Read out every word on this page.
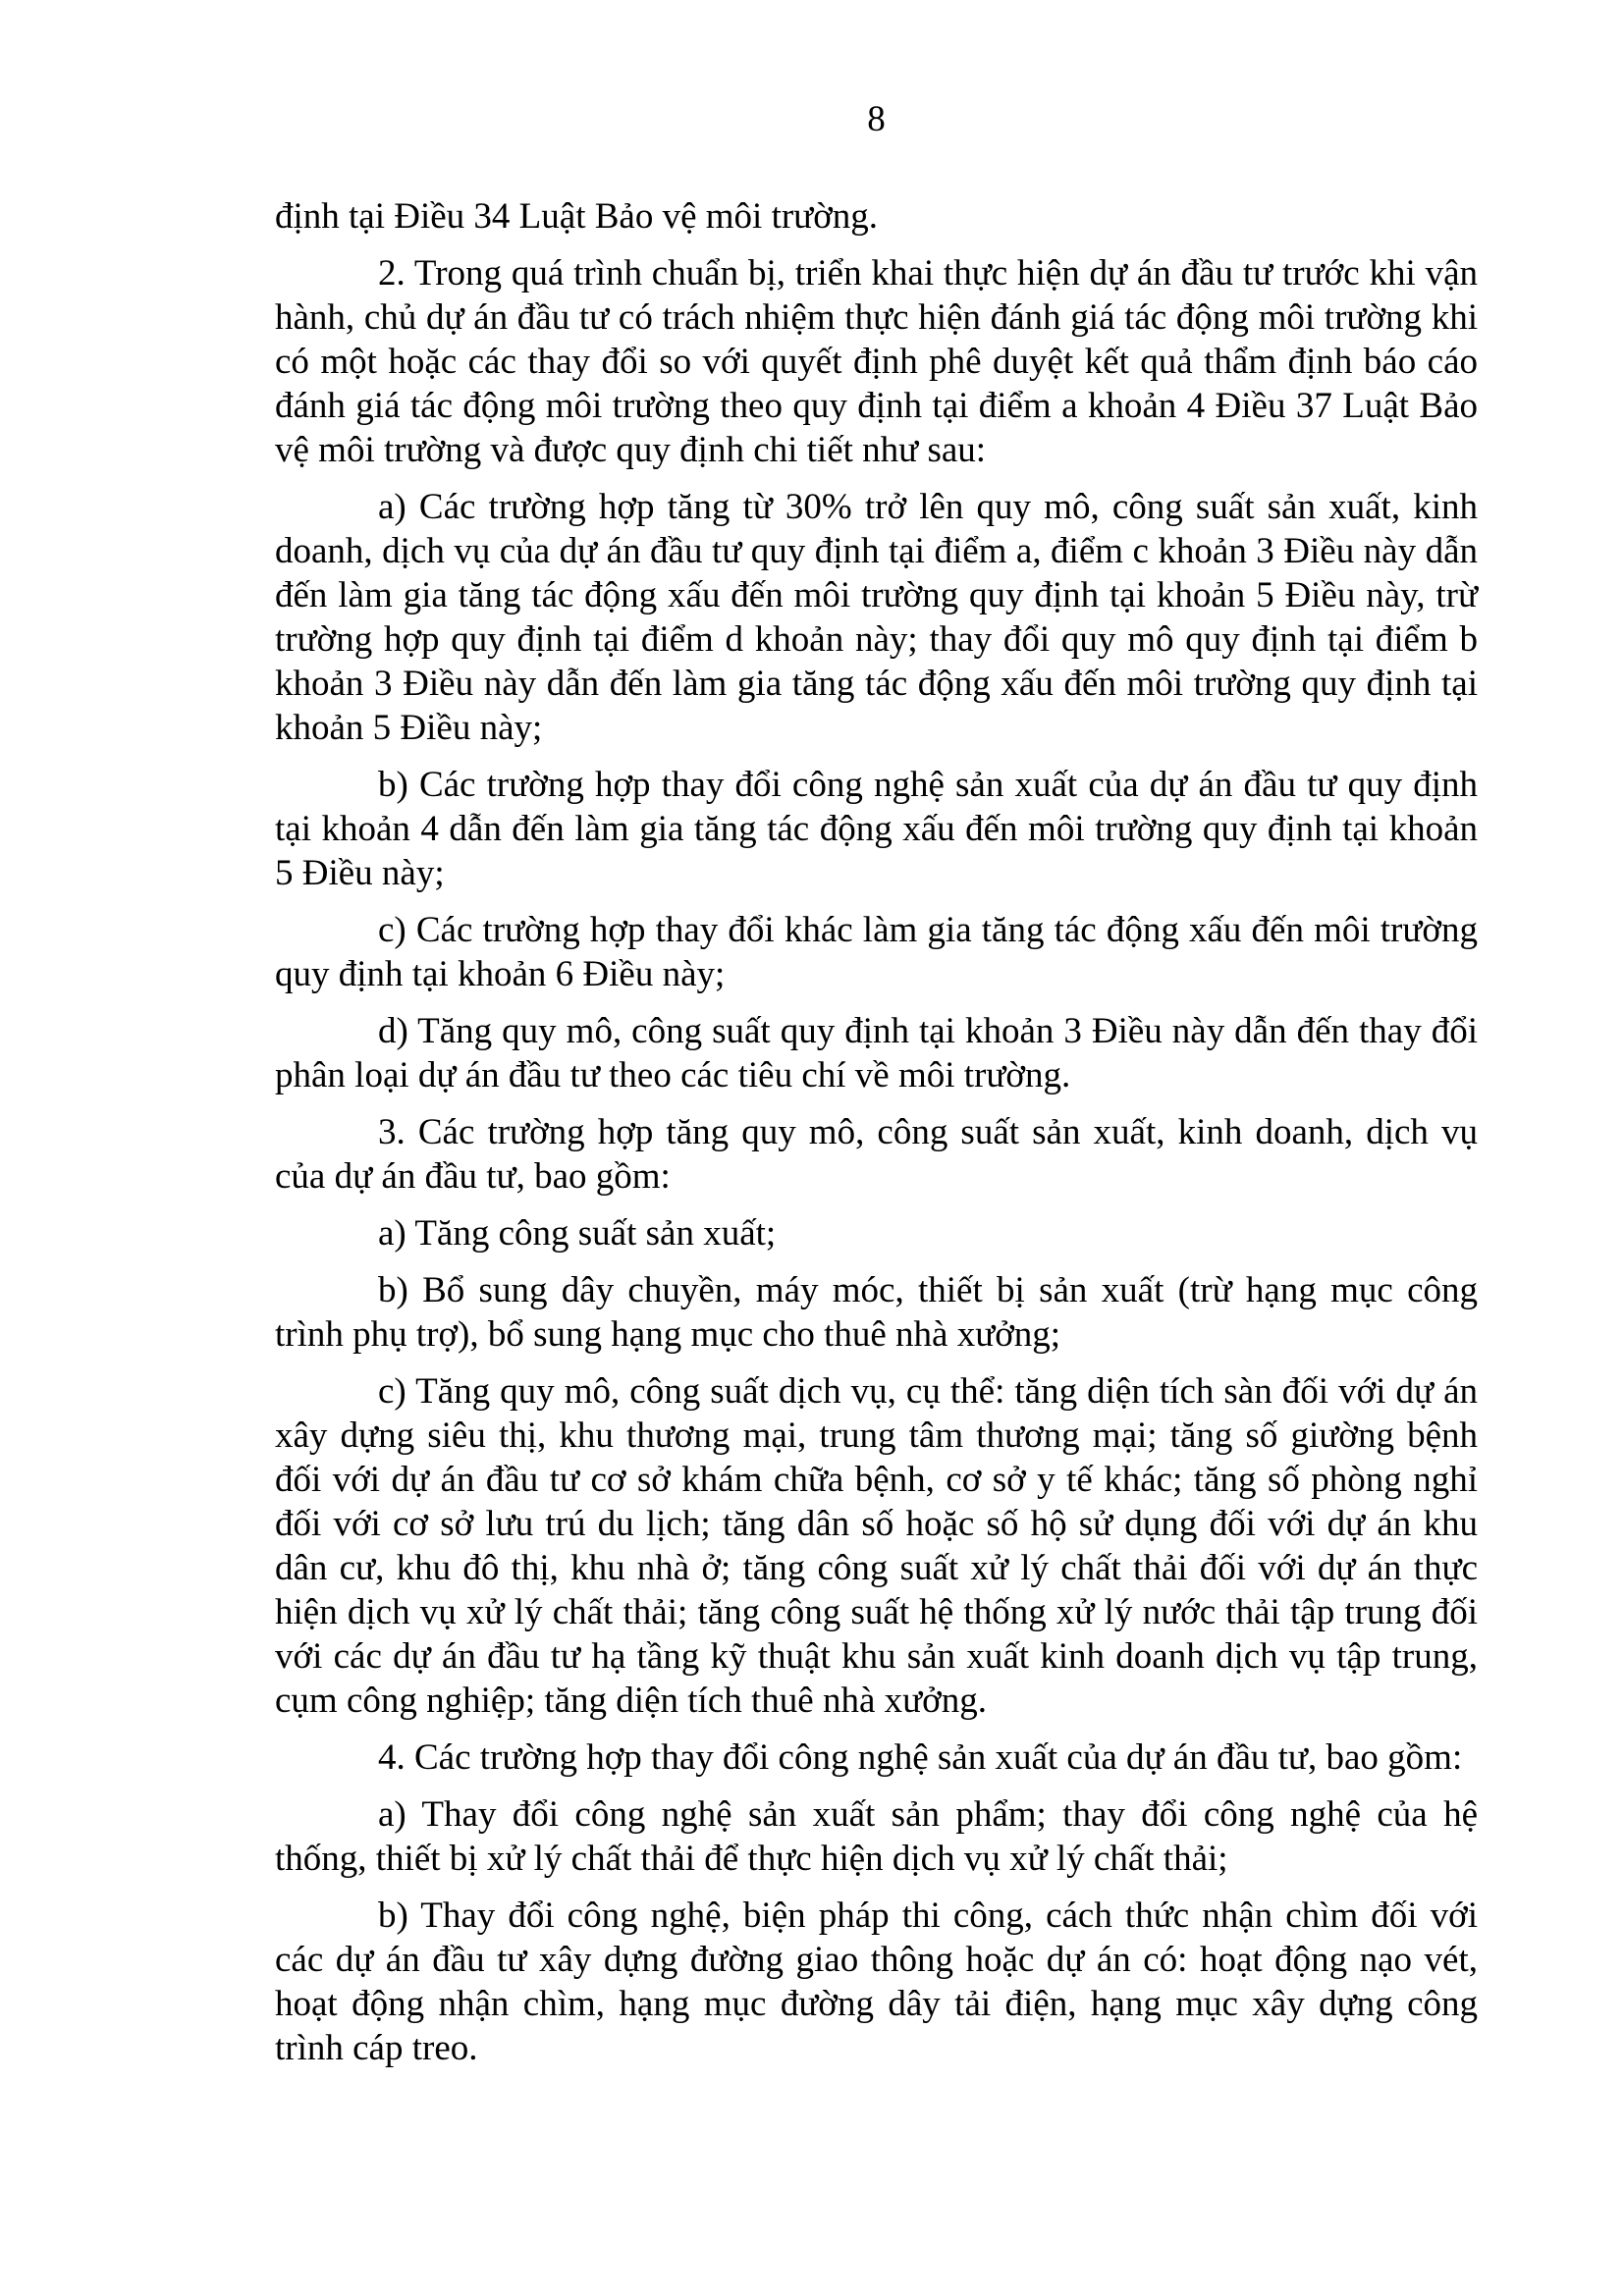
8

định tại Điều 34 Luật Bảo vệ môi trường.

2. Trong quá trình chuẩn bị, triển khai thực hiện dự án đầu tư trước khi vận hành, chủ dự án đầu tư có trách nhiệm thực hiện đánh giá tác động môi trường khi có một hoặc các thay đổi so với quyết định phê duyệt kết quả thẩm định báo cáo đánh giá tác động môi trường theo quy định tại điểm a khoản 4 Điều 37 Luật Bảo vệ môi trường và được quy định chi tiết như sau:

a) Các trường hợp tăng từ 30% trở lên quy mô, công suất sản xuất, kinh doanh, dịch vụ của dự án đầu tư quy định tại điểm a, điểm c khoản 3 Điều này dẫn đến làm gia tăng tác động xấu đến môi trường quy định tại khoản 5 Điều này, trừ trường hợp quy định tại điểm d khoản này; thay đổi quy mô quy định tại điểm b khoản 3 Điều này dẫn đến làm gia tăng tác động xấu đến môi trường quy định tại khoản 5 Điều này;

b) Các trường hợp thay đổi công nghệ sản xuất của dự án đầu tư quy định tại khoản 4 dẫn đến làm gia tăng tác động xấu đến môi trường quy định tại khoản 5 Điều này;

c) Các trường hợp thay đổi khác làm gia tăng tác động xấu đến môi trường quy định tại khoản 6 Điều này;

d) Tăng quy mô, công suất quy định tại khoản 3 Điều này dẫn đến thay đổi phân loại dự án đầu tư theo các tiêu chí về môi trường.

3. Các trường hợp tăng quy mô, công suất sản xuất, kinh doanh, dịch vụ của dự án đầu tư, bao gồm:

a) Tăng công suất sản xuất;

b) Bổ sung dây chuyền, máy móc, thiết bị sản xuất (trừ hạng mục công trình phụ trợ), bổ sung hạng mục cho thuê nhà xưởng;

c) Tăng quy mô, công suất dịch vụ, cụ thể: tăng diện tích sàn đối với dự án xây dựng siêu thị, khu thương mại, trung tâm thương mại; tăng số giường bệnh đối với dự án đầu tư cơ sở khám chữa bệnh, cơ sở y tế khác; tăng số phòng nghỉ đối với cơ sở lưu trú du lịch; tăng dân số hoặc số hộ sử dụng đối với dự án khu dân cư, khu đô thị, khu nhà ở; tăng công suất xử lý chất thải đối với dự án thực hiện dịch vụ xử lý chất thải; tăng công suất hệ thống xử lý nước thải tập trung đối với các dự án đầu tư hạ tầng kỹ thuật khu sản xuất kinh doanh dịch vụ tập trung, cụm công nghiệp; tăng diện tích thuê nhà xưởng.

4. Các trường hợp thay đổi công nghệ sản xuất của dự án đầu tư, bao gồm:

a) Thay đổi công nghệ sản xuất sản phẩm; thay đổi công nghệ của hệ thống, thiết bị xử lý chất thải để thực hiện dịch vụ xử lý chất thải;

b) Thay đổi công nghệ, biện pháp thi công, cách thức nhận chìm đối với các dự án đầu tư xây dựng đường giao thông hoặc dự án có: hoạt động nạo vét, hoạt động nhận chìm, hạng mục đường dây tải điện, hạng mục xây dựng công trình cáp treo.
